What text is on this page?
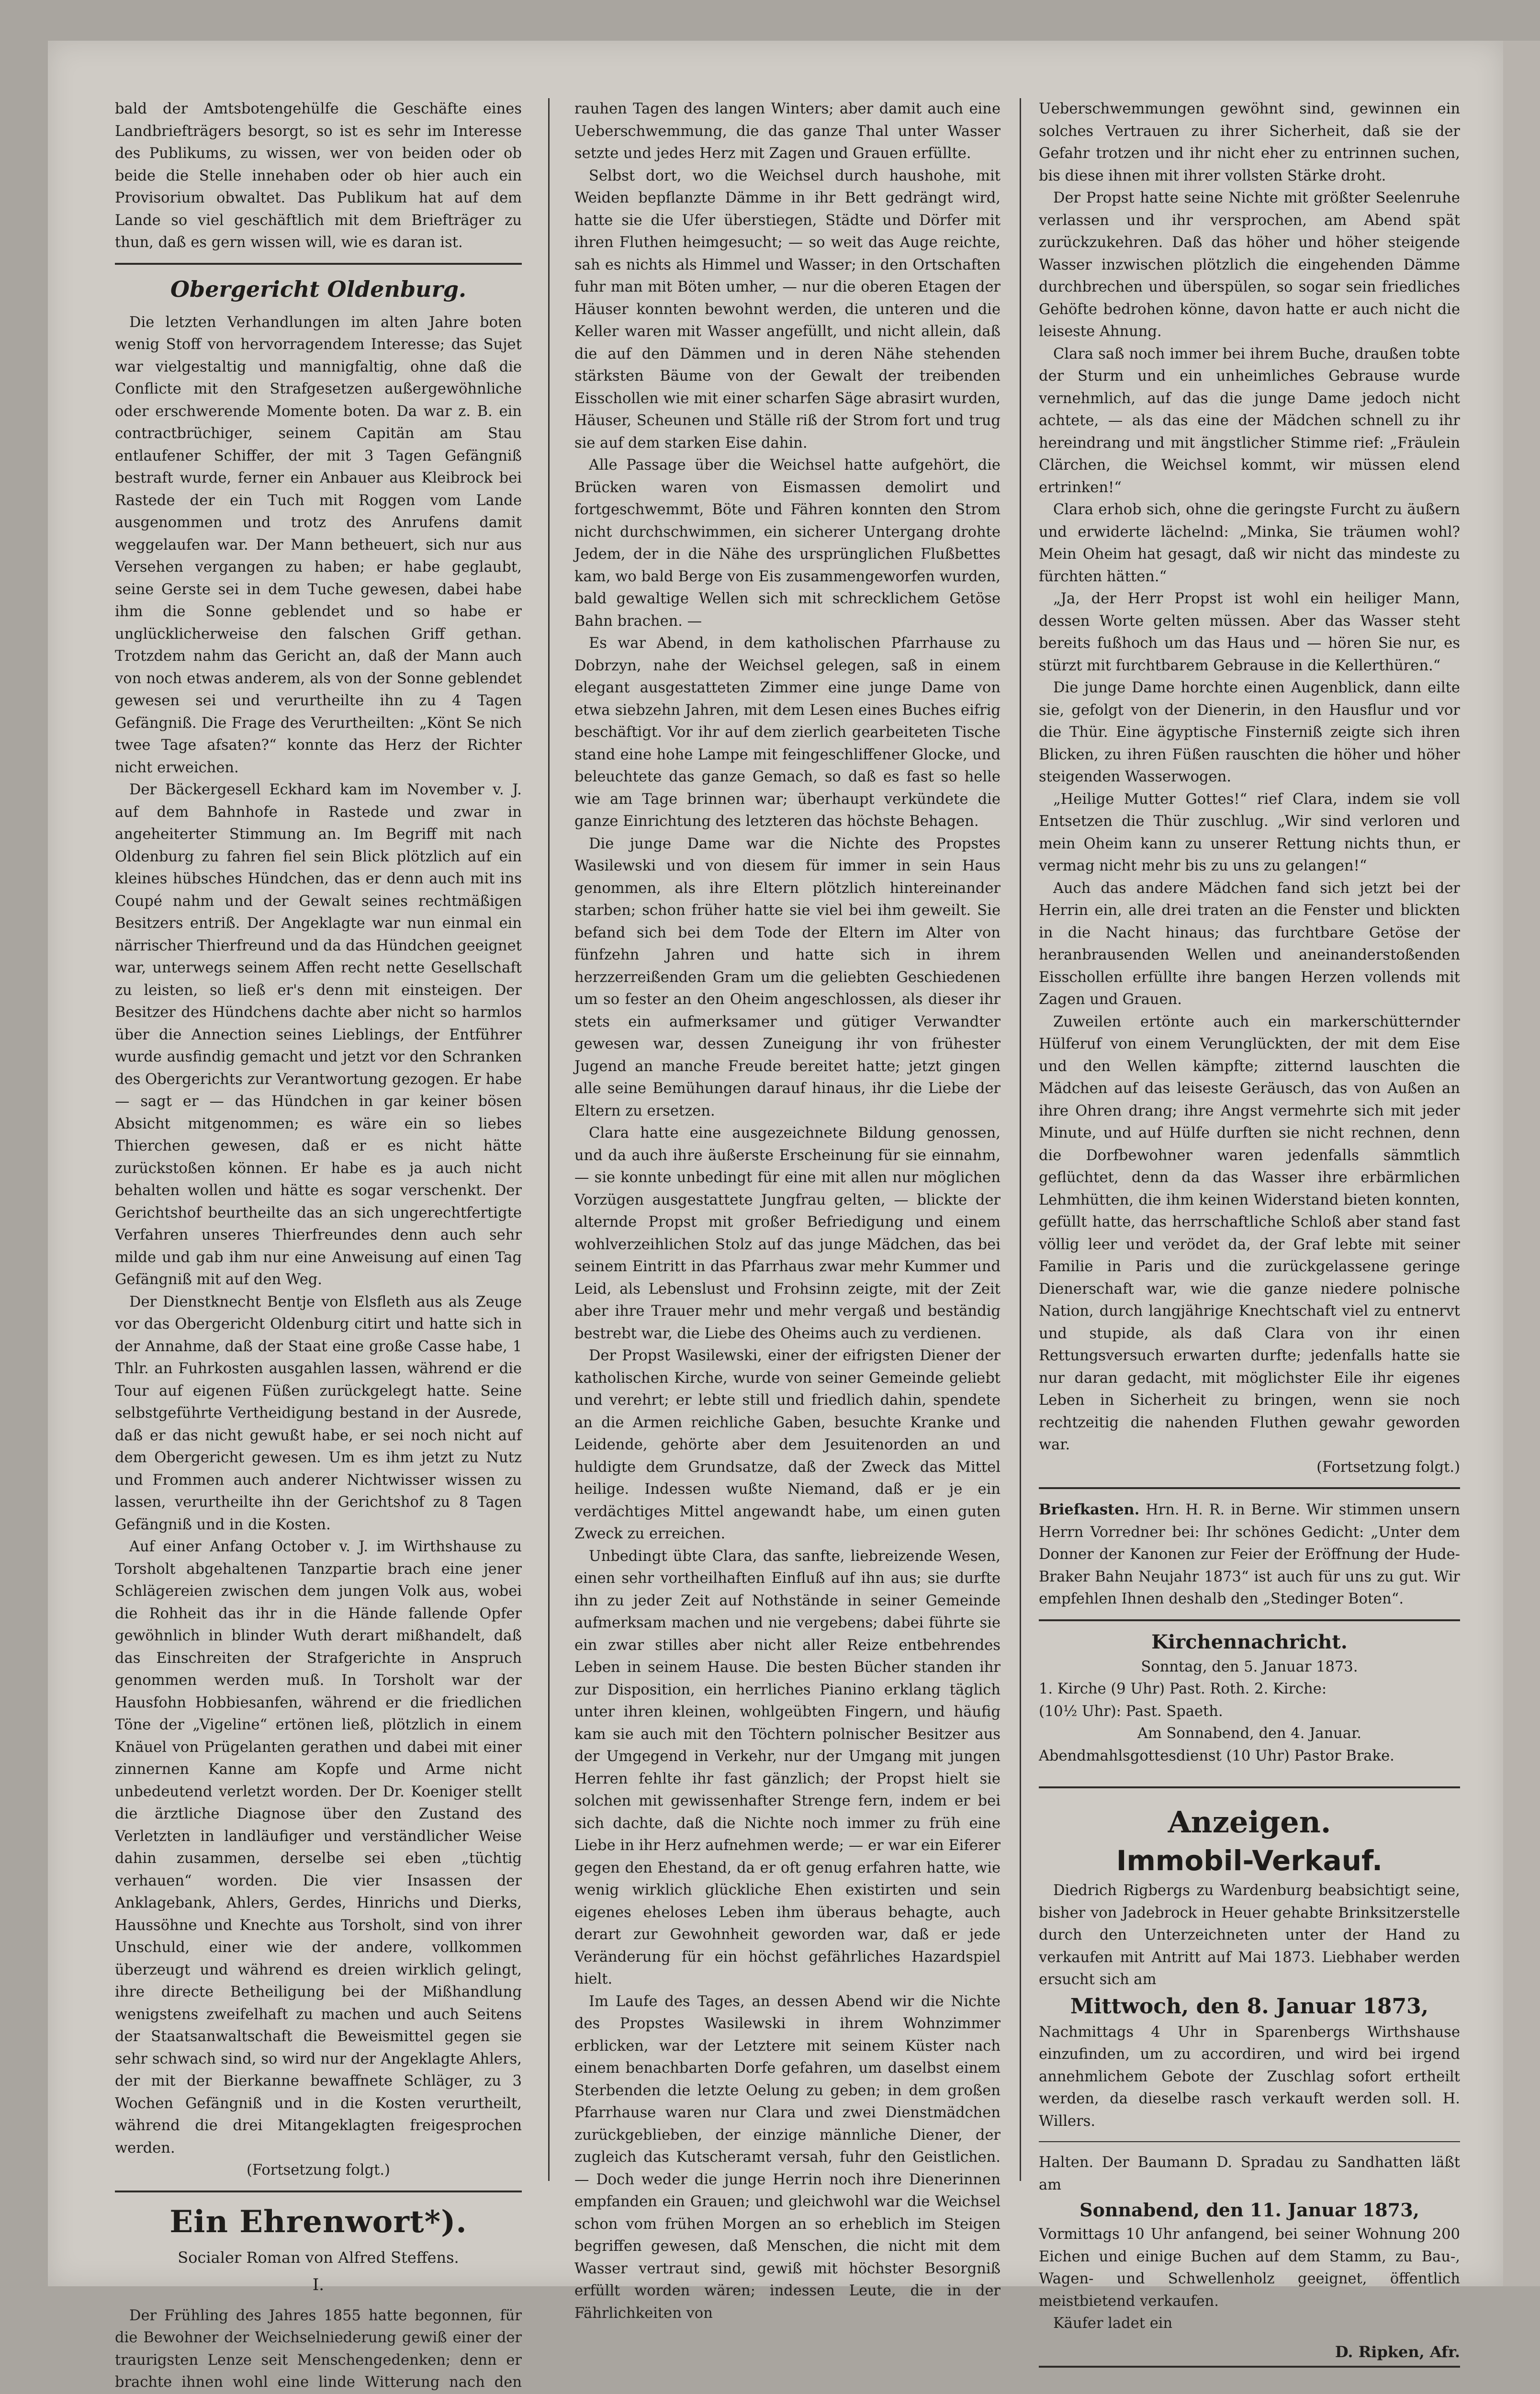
bald der Amtsbotengehülfe die Geschäfte eines Landbriefträgers besorgt, so ist es sehr im Interesse des Publikums, zu wissen, wer von beiden oder ob beide die Stelle innehaben oder ob hier auch ein Provisorium obwaltet. Das Publikum hat auf dem Lande so viel geschäftlich mit dem Briefträger zu thun, daß es gern wissen will, wie es daran ist.

Obergericht Oldenburg.

Die letzten Verhandlungen im alten Jahre boten wenig Stoff von hervorragendem Interesse; das Sujet war vielgestaltig und mannigfaltig, ohne daß die Conflicte mit den Strafgesetzen außergewöhnliche oder erschwerende Momente boten. Da war z. B. ein contractbrüchiger, seinem Capitän am Stau entlaufener Schiffer, der mit 3 Tagen Gefängniß bestraft wurde, ferner ein Anbauer aus Kleibrock bei Rastede der ein Tuch mit Roggen vom Lande ausgenommen und trotz des Anrufens damit weggelaufen war. Der Mann betheuert, sich nur aus Versehen vergangen zu haben; er habe geglaubt, seine Gerste sei in dem Tuche gewesen, dabei habe ihm die Sonne geblendet und so habe er unglücklicherweise den falschen Griff gethan. Trotzdem nahm das Gericht an, daß der Mann auch von noch etwas anderem, als von der Sonne geblendet gewesen sei und verurtheilte ihn zu 4 Tagen Gefängniß. Die Frage des Verurtheilten: „Könt Se nich twee Tage afsaten?“ konnte das Herz der Richter nicht erweichen.

Der Bäckergesell Eckhard kam im November v. J. auf dem Bahnhofe in Rastede und zwar in angeheiterter Stimmung an. Im Begriff mit nach Oldenburg zu fahren fiel sein Blick plötzlich auf ein kleines hübsches Hündchen, das er denn auch mit ins Coupé nahm und der Gewalt seines rechtmäßigen Besitzers entriß. Der Angeklagte war nun einmal ein närrischer Thierfreund und da das Hündchen geeignet war, unterwegs seinem Affen recht nette Gesellschaft zu leisten, so ließ er's denn mit einsteigen. Der Besitzer des Hündchens dachte aber nicht so harmlos über die Annection seines Lieblings, der Entführer wurde ausfindig gemacht und jetzt vor den Schranken des Obergerichts zur Verantwortung gezogen. Er habe — sagt er — das Hündchen in gar keiner bösen Absicht mitgenommen; es wäre ein so liebes Thierchen gewesen, daß er es nicht hätte zurückstoßen können. Er habe es ja auch nicht behalten wollen und hätte es sogar verschenkt. Der Gerichtshof beurtheilte das an sich ungerechtfertigte Verfahren unseres Thierfreundes denn auch sehr milde und gab ihm nur eine Anweisung auf einen Tag Gefängniß mit auf den Weg.

Der Dienstknecht Bentje von Elsfleth aus als Zeuge vor das Obergericht Oldenburg citirt und hatte sich in der Annahme, daß der Staat eine große Casse habe, 1 Thlr. an Fuhrkosten ausgahlen lassen, während er die Tour auf eigenen Füßen zurückgelegt hatte. Seine selbstgeführte Vertheidigung bestand in der Ausrede, daß er das nicht gewußt habe, er sei noch nicht auf dem Obergericht gewesen. Um es ihm jetzt zu Nutz und Frommen auch anderer Nichtwisser wissen zu lassen, verurtheilte ihn der Gerichtshof zu 8 Tagen Gefängniß und in die Kosten.

Auf einer Anfang October v. J. im Wirthshause zu Torsholt abgehaltenen Tanzpartie brach eine jener Schlägereien zwischen dem jungen Volk aus, wobei die Rohheit das ihr in die Hände fallende Opfer gewöhnlich in blinder Wuth derart mißhandelt, daß das Einschreiten der Strafgerichte in Anspruch genommen werden muß. In Torsholt war der Hausfohn Hobbiesanfen, während er die friedlichen Töne der „Vigeline“ ertönen ließ, plötzlich in einem Knäuel von Prügelanten gerathen und dabei mit einer zinnernen Kanne am Kopfe und Arme nicht unbedeutend verletzt worden. Der Dr. Koeniger stellt die ärztliche Diagnose über den Zustand des Verletzten in landläufiger und verständlicher Weise dahin zusammen, derselbe sei eben „tüchtig verhauen“ worden. Die vier Insassen der Anklagebank, Ahlers, Gerdes, Hinrichs und Dierks, Haussöhne und Knechte aus Torsholt, sind von ihrer Unschuld, einer wie der andere, vollkommen überzeugt und während es dreien wirklich gelingt, ihre directe Betheiligung bei der Mißhandlung wenigstens zweifelhaft zu machen und auch Seitens der Staatsanwaltschaft die Beweismittel gegen sie sehr schwach sind, so wird nur der Angeklagte Ahlers, der mit der Bierkanne bewaffnete Schläger, zu 3 Wochen Gefängniß und in die Kosten verurtheilt, während die drei Mitangeklagten freigesprochen werden.

(Fortsetzung folgt.)

Ein Ehrenwort*).
Socialer Roman von Alfred Steffens.
I.

Der Frühling des Jahres 1855 hatte begonnen, für die Bewohner der Weichselniederung gewiß einer der traurigsten Lenze seit Menschengedenken; denn er brachte ihnen wohl eine linde Witterung nach den

rauhen Tagen des langen Winters; aber damit auch eine Ueberschwemmung, die das ganze Thal unter Wasser setzte und jedes Herz mit Zagen und Grauen erfüllte.

Selbst dort, wo die Weichsel durch haushohe, mit Weiden bepflanzte Dämme in ihr Bett gedrängt wird, hatte sie die Ufer überstiegen, Städte und Dörfer mit ihren Fluthen heimgesucht; — so weit das Auge reichte, sah es nichts als Himmel und Wasser; in den Ortschaften fuhr man mit Böten umher, — nur die oberen Etagen der Häuser konnten bewohnt werden, die unteren und die Keller waren mit Wasser angefüllt, und nicht allein, daß die auf den Dämmen und in deren Nähe stehenden stärksten Bäume von der Gewalt der treibenden Eisschollen wie mit einer scharfen Säge abrasirt wurden, Häuser, Scheunen und Ställe riß der Strom fort und trug sie auf dem starken Eise dahin.

Alle Passage über die Weichsel hatte aufgehört, die Brücken waren von Eismassen demolirt und fortgeschwemmt, Böte und Fähren konnten den Strom nicht durchschwimmen, ein sicherer Untergang drohte Jedem, der in die Nähe des ursprünglichen Flußbettes kam, wo bald Berge von Eis zusammengeworfen wurden, bald gewaltige Wellen sich mit schrecklichem Getöse Bahn brachen. —

Es war Abend, in dem katholischen Pfarrhause zu Dobrzyn, nahe der Weichsel gelegen, saß in einem elegant ausgestatteten Zimmer eine junge Dame von etwa siebzehn Jahren, mit dem Lesen eines Buches eifrig beschäftigt. Vor ihr auf dem zierlich gearbeiteten Tische stand eine hohe Lampe mit feingeschliffener Glocke, und beleuchtete das ganze Gemach, so daß es fast so helle wie am Tage brinnen war; überhaupt verkündete die ganze Einrichtung des letzteren das höchste Behagen.

Die junge Dame war die Nichte des Propstes Wasilewski und von diesem für immer in sein Haus genommen, als ihre Eltern plötzlich hintereinander starben; schon früher hatte sie viel bei ihm geweilt. Sie befand sich bei dem Tode der Eltern im Alter von fünfzehn Jahren und hatte sich in ihrem herzzerreißenden Gram um die geliebten Geschiedenen um so fester an den Oheim angeschlossen, als dieser ihr stets ein aufmerksamer und gütiger Verwandter gewesen war, dessen Zuneigung ihr von frühester Jugend an manche Freude bereitet hatte; jetzt gingen alle seine Bemühungen darauf hinaus, ihr die Liebe der Eltern zu ersetzen.

Clara hatte eine ausgezeichnete Bildung genossen, und da auch ihre äußerste Erscheinung für sie einnahm, — sie konnte unbedingt für eine mit allen nur möglichen Vorzügen ausgestattete Jungfrau gelten, — blickte der alternde Propst mit großer Befriedigung und einem wohlverzeihlichen Stolz auf das junge Mädchen, das bei seinem Eintritt in das Pfarrhaus zwar mehr Kummer und Leid, als Lebenslust und Frohsinn zeigte, mit der Zeit aber ihre Trauer mehr und mehr vergaß und beständig bestrebt war, die Liebe des Oheims auch zu verdienen.

Der Propst Wasilewski, einer der eifrigsten Diener der katholischen Kirche, wurde von seiner Gemeinde geliebt und verehrt; er lebte still und friedlich dahin, spendete an die Armen reichliche Gaben, besuchte Kranke und Leidende, gehörte aber dem Jesuitenorden an und huldigte dem Grundsatze, daß der Zweck das Mittel heilige. Indessen wußte Niemand, daß er je ein verdächtiges Mittel angewandt habe, um einen guten Zweck zu erreichen.

Unbedingt übte Clara, das sanfte, liebreizende Wesen, einen sehr vortheilhaften Einfluß auf ihn aus; sie durfte ihn zu jeder Zeit auf Nothstände in seiner Gemeinde aufmerksam machen und nie vergebens; dabei führte sie ein zwar stilles aber nicht aller Reize entbehrendes Leben in seinem Hause. Die besten Bücher standen ihr zur Disposition, ein herrliches Pianino erklang täglich unter ihren kleinen, wohlgeübten Fingern, und häufig kam sie auch mit den Töchtern polnischer Besitzer aus der Umgegend in Verkehr, nur der Umgang mit jungen Herren fehlte ihr fast gänzlich; der Propst hielt sie solchen mit gewissenhafter Strenge fern, indem er bei sich dachte, daß die Nichte noch immer zu früh eine Liebe in ihr Herz aufnehmen werde; — er war ein Eiferer gegen den Ehestand, da er oft genug erfahren hatte, wie wenig wirklich glückliche Ehen existirten und sein eigenes eheloses Leben ihm überaus behagte, auch derart zur Gewohnheit geworden war, daß er jede Veränderung für ein höchst gefährliches Hazardspiel hielt.

Im Laufe des Tages, an dessen Abend wir die Nichte des Propstes Wasilewski in ihrem Wohnzimmer erblicken, war der Letztere mit seinem Küster nach einem benachbarten Dorfe gefahren, um daselbst einem Sterbenden die letzte Oelung zu geben; in dem großen Pfarrhause waren nur Clara und zwei Dienstmädchen zurückgeblieben, der einzige männliche Diener, der zugleich das Kutscheramt versah, fuhr den Geistlichen. — Doch weder die junge Herrin noch ihre Dienerinnen empfanden ein Grauen; und gleichwohl war die Weichsel schon vom frühen Morgen an so erheblich im Steigen begriffen gewesen, daß Menschen, die nicht mit dem Wasser vertraut sind, gewiß mit höchster Besorgniß erfüllt worden wären; indessen Leute, die in der Fährlichkeiten von

Ueberschwemmungen gewöhnt sind, gewinnen ein solches Vertrauen zu ihrer Sicherheit, daß sie der Gefahr trotzen und ihr nicht eher zu entrinnen suchen, bis diese ihnen mit ihrer vollsten Stärke droht.

Der Propst hatte seine Nichte mit größter Seelenruhe verlassen und ihr versprochen, am Abend spät zurückzukehren. Daß das höher und höher steigende Wasser inzwischen plötzlich die eingehenden Dämme durchbrechen und überspülen, so sogar sein friedliches Gehöfte bedrohen könne, davon hatte er auch nicht die leiseste Ahnung.

Clara saß noch immer bei ihrem Buche, draußen tobte der Sturm und ein unheimliches Gebrause wurde vernehmlich, auf das die junge Dame jedoch nicht achtete, — als das eine der Mädchen schnell zu ihr hereindrang und mit ängstlicher Stimme rief: „Fräulein Clärchen, die Weichsel kommt, wir müssen elend ertrinken!“

Clara erhob sich, ohne die geringste Furcht zu äußern und erwiderte lächelnd: „Minka, Sie träumen wohl? Mein Oheim hat gesagt, daß wir nicht das mindeste zu fürchten hätten.“

„Ja, der Herr Propst ist wohl ein heiliger Mann, dessen Worte gelten müssen. Aber das Wasser steht bereits fußhoch um das Haus und — hören Sie nur, es stürzt mit furchtbarem Gebrause in die Kellerthüren.“

Die junge Dame horchte einen Augenblick, dann eilte sie, gefolgt von der Dienerin, in den Hausflur und vor die Thür. Eine ägyptische Finsterniß zeigte sich ihren Blicken, zu ihren Füßen rauschten die höher und höher steigenden Wasserwogen.

„Heilige Mutter Gottes!“ rief Clara, indem sie voll Entsetzen die Thür zuschlug. „Wir sind verloren und mein Oheim kann zu unserer Rettung nichts thun, er vermag nicht mehr bis zu uns zu gelangen!“

Auch das andere Mädchen fand sich jetzt bei der Herrin ein, alle drei traten an die Fenster und blickten in die Nacht hinaus; das furchtbare Getöse der heranbrausenden Wellen und aneinanderstoßenden Eisschollen erfüllte ihre bangen Herzen vollends mit Zagen und Grauen.

Zuweilen ertönte auch ein markerschütternder Hülferuf von einem Verunglückten, der mit dem Eise und den Wellen kämpfte; zitternd lauschten die Mädchen auf das leiseste Geräusch, das von Außen an ihre Ohren drang; ihre Angst vermehrte sich mit jeder Minute, und auf Hülfe durften sie nicht rechnen, denn die Dorfbewohner waren jedenfalls sämmtlich geflüchtet, denn da das Wasser ihre erbärmlichen Lehmhütten, die ihm keinen Widerstand bieten konnten, gefüllt hatte, das herrschaftliche Schloß aber stand fast völlig leer und verödet da, der Graf lebte mit seiner Familie in Paris und die zurückgelassene geringe Dienerschaft war, wie die ganze niedere polnische Nation, durch langjährige Knechtschaft viel zu entnervt und stupide, als daß Clara von ihr einen Rettungsversuch erwarten durfte; jedenfalls hatte sie nur daran gedacht, mit möglichster Eile ihr eigenes Leben in Sicherheit zu bringen, wenn sie noch rechtzeitig die nahenden Fluthen gewahr geworden war.

(Fortsetzung folgt.)

Briefkasten. Hrn. H. R. in Berne. Wir stimmen unsern Herrn Vorredner bei: Ihr schönes Gedicht: „Unter dem Donner der Kanonen zur Feier der Eröffnung der Hude-Braker Bahn Neujahr 1873“ ist auch für uns zu gut. Wir empfehlen Ihnen deshalb den „Stedinger Boten“.

Kirchennachricht.

Sonntag, den 5. Januar 1873.

1. Kirche (9 Uhr) Past. Roth. 2. Kirche:

(10½ Uhr): Past. Spaeth.

Am Sonnabend, den 4. Januar.

Abendmahlsgottesdienst (10 Uhr) Pastor Brake.

Anzeigen.
Immobil-Verkauf.

Diedrich Rigbergs zu Wardenburg beabsichtigt seine, bisher von Jadebrock in Heuer gehabte Brinksitzerstelle durch den Unterzeichneten unter der Hand zu verkaufen mit Antritt auf Mai 1873. Liebhaber werden ersucht sich am

Mittwoch, den 8. Januar 1873,

Nachmittags 4 Uhr in Sparenbergs Wirthshause einzufinden, um zu accordiren, und wird bei irgend annehmlichem Gebote der Zuschlag sofort ertheilt werden, da dieselbe rasch verkauft werden soll. H. Willers.

Halten. Der Baumann D. Spradau zu Sandhatten läßt am

Sonnabend, den 11. Januar 1873,

Vormittags 10 Uhr anfangend, bei seiner Wohnung 200 Eichen und einige Buchen auf dem Stamm, zu Bau-, Wagen- und Schwellenholz geeignet, öffentlich meistbietend verkaufen.

Käufer ladet ein

D. Ripken, Afr.
